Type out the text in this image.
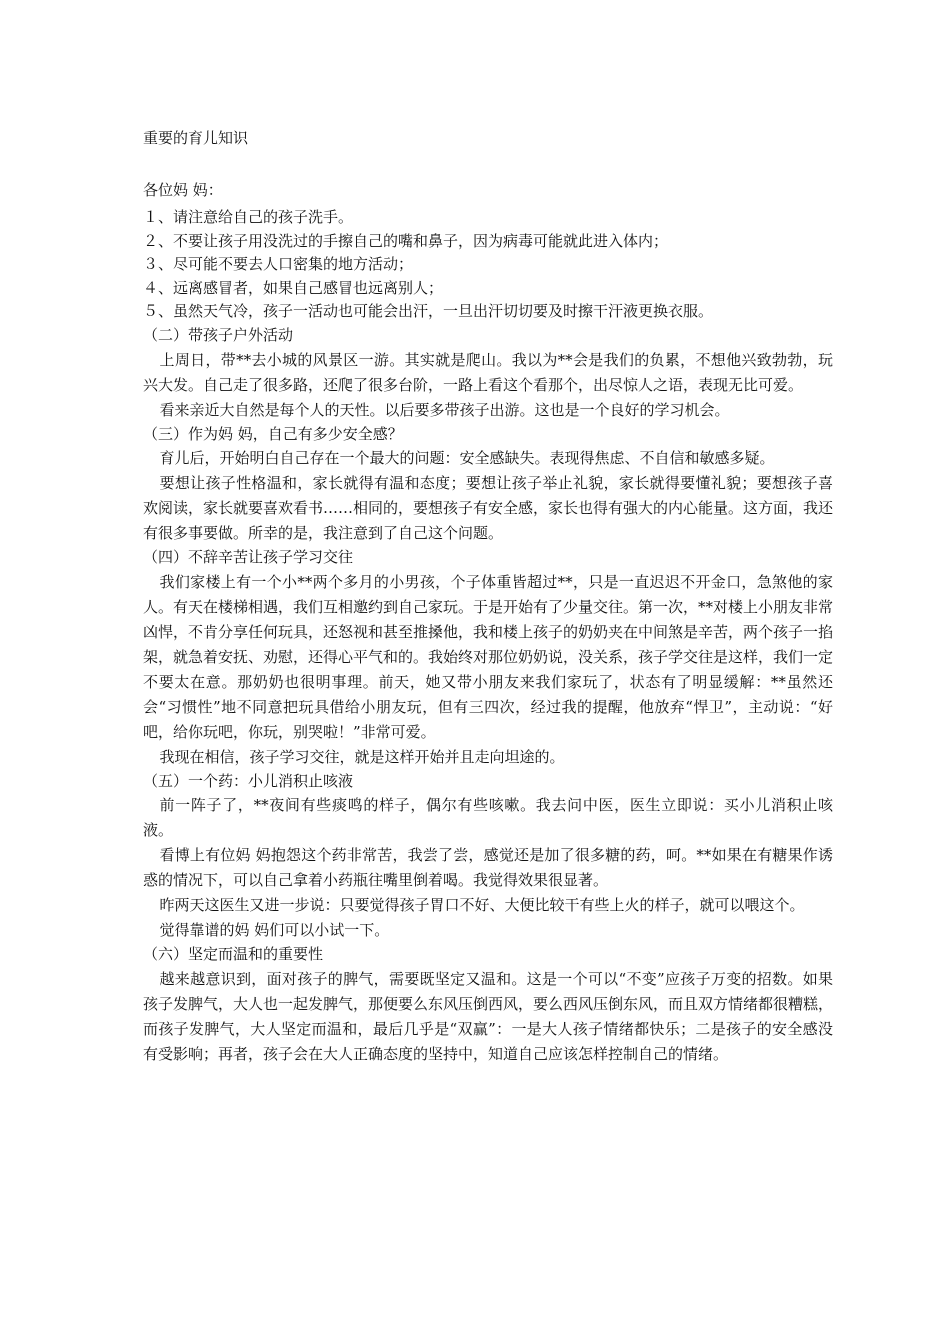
重要的育儿知识
各位妈 妈：
１、请注意给自己的孩子洗手。
２、不要让孩子用没洗过的手擦自己的嘴和鼻子，因为病毒可能就此进入体内；
３、尽可能不要去人口密集的地方活动；
４、远离感冒者，如果自己感冒也远离别人；
５、虽然天气冷，孩子一活动也可能会出汗，一旦出汗切切要及时擦干汗液更换衣服。
（二）带孩子户外活动

上周日，带**去小城的风景区一游。其实就是爬山。我以为**会是我们的负累，不想他兴致勃勃，玩兴大发。自己走了很多路，还爬了很多台阶，一路上看这个看那个，出尽惊人之语，表现无比可爱。

看来亲近大自然是每个人的天性。以后要多带孩子出游。这也是一个良好的学习机会。

（三）作为妈 妈，自己有多少安全感？

育儿后，开始明白自己存在一个最大的问题：安全感缺失。表现得焦虑、不自信和敏感多疑。

要想让孩子性格温和，家长就得有温和态度；要想让孩子举止礼貌，家长就得要懂礼貌；要想孩子喜欢阅读，家长就要喜欢看书……相同的，要想孩子有安全感，家长也得有强大的内心能量。这方面，我还有很多事要做。所幸的是，我注意到了自己这个问题。

（四）不辞辛苦让孩子学习交往

我们家楼上有一个小**两个多月的小男孩，个子体重皆超过**，只是一直迟迟不开金口，急煞他的家人。有天在楼梯相遇，我们互相邀约到自己家玩。于是开始有了少量交往。第一次，**对楼上小朋友非常凶悍，不肯分享任何玩具，还怒视和甚至推搡他，我和楼上孩子的奶奶夹在中间煞是辛苦，两个孩子一掐架，就急着安抚、劝慰，还得心平气和的。我始终对那位奶奶说，没关系，孩子学交往是这样，我们一定不要太在意。那奶奶也很明事理。前天，她又带小朋友来我们家玩了，状态有了明显缓解：**虽然还会“习惯性”地不同意把玩具借给小朋友玩，但有三四次，经过我的提醒，他放弃“悍卫”，主动说：“好吧，给你玩吧，你玩，别哭啦！”非常可爱。

我现在相信，孩子学习交往，就是这样开始并且走向坦途的。

（五）一个药：小儿消积止咳液

前一阵子了，**夜间有些痰鸣的样子，偶尔有些咳嗽。我去问中医，医生立即说：买小儿消积止咳液。

看博上有位妈 妈抱怨这个药非常苦，我尝了尝，感觉还是加了很多糖的药，呵。**如果在有糖果作诱惑的情况下，可以自己拿着小药瓶往嘴里倒着喝。我觉得效果很显著。

昨两天这医生又进一步说：只要觉得孩子胃口不好、大便比较干有些上火的样子，就可以喂这个。

觉得靠谱的妈 妈们可以小试一下。

（六）坚定而温和的重要性

越来越意识到，面对孩子的脾气，需要既坚定又温和。这是一个可以“不变”应孩子万变的招数。如果孩子发脾气，大人也一起发脾气，那便要么东风压倒西风，要么西风压倒东风，而且双方情绪都很糟糕，而孩子发脾气，大人坚定而温和，最后几乎是“双赢”：一是大人孩子情绪都快乐；二是孩子的安全感没有受影响；再者，孩子会在大人正确态度的坚持中，知道自己应该怎样控制自己的情绪。
